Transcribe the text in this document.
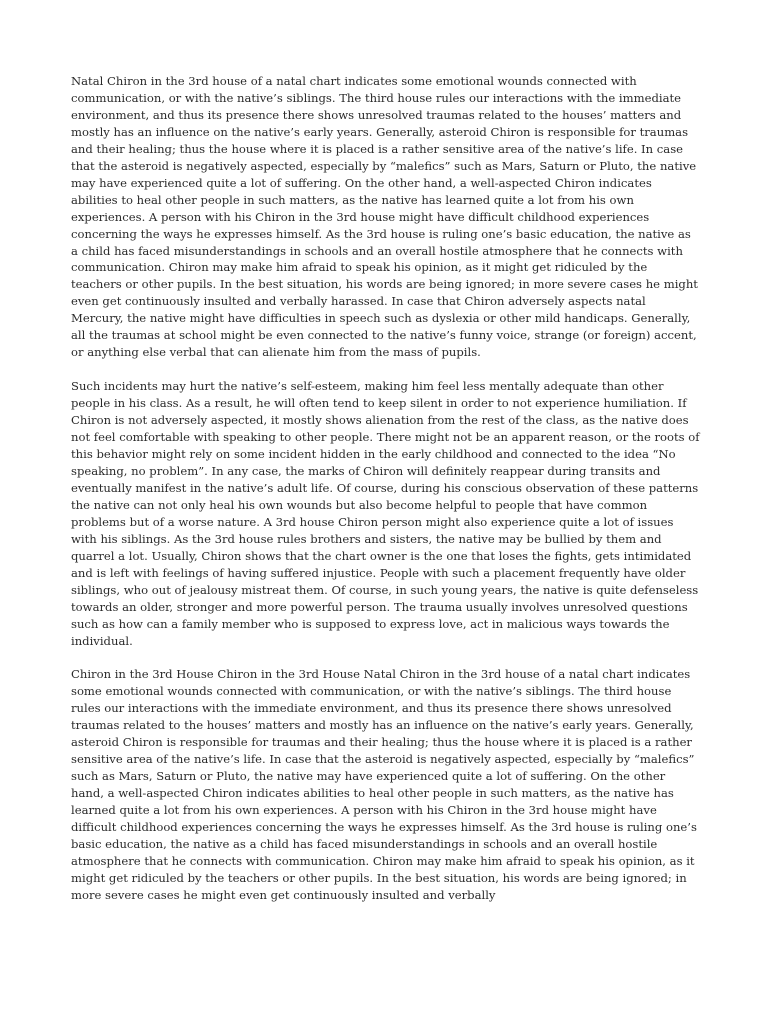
Natal Chiron in the 3rd house of a natal chart indicates some emotional wounds connected with communication, or with the native’s siblings. The third house rules our interactions with the immediate environment, and thus its presence there shows unresolved traumas related to the houses’ matters and mostly has an influence on the native’s early years. Generally, asteroid Chiron is responsible for traumas and their healing; thus the house where it is placed is a rather sensitive area of the native’s life. In case that the asteroid is negatively aspected, especially by “malefics” such as Mars, Saturn or Pluto, the native may have experienced quite a lot of suffering. On the other hand, a well-aspected Chiron indicates abilities to heal other people in such matters, as the native has learned quite a lot from his own experiences. A person with his Chiron in the 3rd house might have difficult childhood experiences concerning the ways he expresses himself. As the 3rd house is ruling one’s basic education, the native as a child has faced misunderstandings in schools and an overall hostile atmosphere that he connects with communication. Chiron may make him afraid to speak his opinion, as it might get ridiculed by the teachers or other pupils. In the best situation, his words are being ignored; in more severe cases he might even get continuously insulted and verbally harassed. In case that Chiron adversely aspects natal Mercury, the native might have difficulties in speech such as dyslexia or other mild handicaps. Generally, all the traumas at school might be even connected to the native’s funny voice, strange (or foreign) accent, or anything else verbal that can alienate him from the mass of pupils.

Such incidents may hurt the native’s self-esteem, making him feel less mentally adequate than other people in his class. As a result, he will often tend to keep silent in order to not experience humiliation. If Chiron is not adversely aspected, it mostly shows alienation from the rest of the class, as the native does not feel comfortable with speaking to other people. There might not be an apparent reason, or the roots of this behavior might rely on some incident hidden in the early childhood and connected to the idea “No speaking, no problem”. In any case, the marks of Chiron will definitely reappear during transits and eventually manifest in the native’s adult life. Of course, during his conscious observation of these patterns the native can not only heal his own wounds but also become helpful to people that have common problems but of a worse nature. A 3rd house Chiron person might also experience quite a lot of issues with his siblings. As the 3rd house rules brothers and sisters, the native may be bullied by them and quarrel a lot. Usually, Chiron shows that the chart owner is the one that loses the fights, gets intimidated and is left with feelings of having suffered injustice. People with such a placement frequently have older siblings, who out of jealousy mistreat them. Of course, in such young years, the native is quite defenseless towards an older, stronger and more powerful person. The trauma usually involves unresolved questions such as how can a family member who is supposed to express love, act in malicious ways towards the individual.

Chiron in the 3rd House Chiron in the 3rd House Natal Chiron in the 3rd house of a natal chart indicates some emotional wounds connected with communication, or with the native’s siblings. The third house rules our interactions with the immediate environment, and thus its presence there shows unresolved traumas related to the houses’ matters and mostly has an influence on the native’s early years. Generally, asteroid Chiron is responsible for traumas and their healing; thus the house where it is placed is a rather sensitive area of the native’s life. In case that the asteroid is negatively aspected, especially by “malefics” such as Mars, Saturn or Pluto, the native may have experienced quite a lot of suffering. On the other hand, a well-aspected Chiron indicates abilities to heal other people in such matters, as the native has learned quite a lot from his own experiences. A person with his Chiron in the 3rd house might have difficult childhood experiences concerning the ways he expresses himself. As the 3rd house is ruling one’s basic education, the native as a child has faced misunderstandings in schools and an overall hostile atmosphere that he connects with communication. Chiron may make him afraid to speak his opinion, as it might get ridiculed by the teachers or other pupils. In the best situation, his words are being ignored; in more severe cases he might even get continuously insulted and verbally
